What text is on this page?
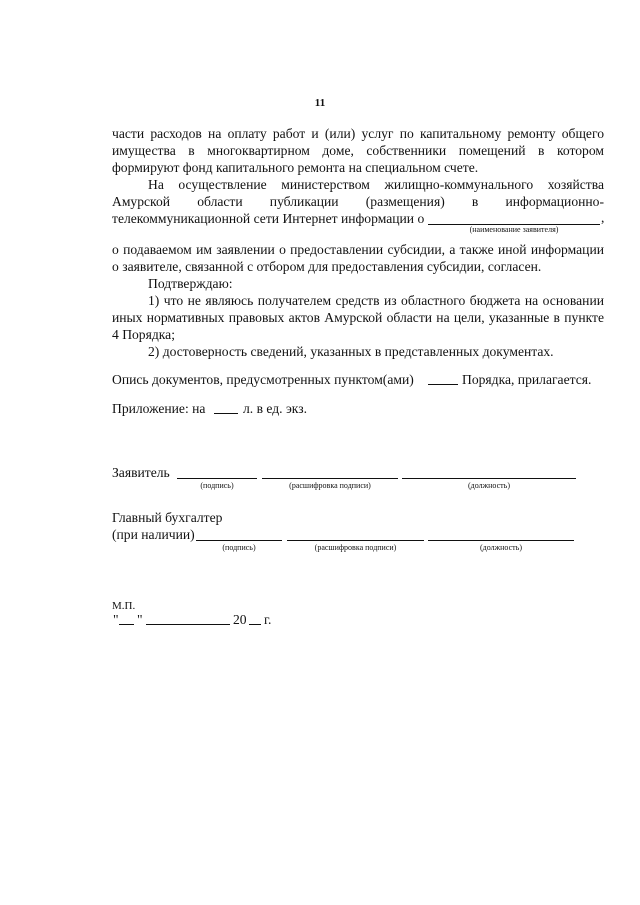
11

части расходов на оплату работ и (или) услуг по капитальному ремонту общего

имущества в многоквартирном доме, собственники помещений в котором

формируют фонд капитального ремонта на специальном счете.

На осуществление министерством жилищно-коммунального хозяйства

Амурской области публикации (размещения) в информационно-

телекоммуникационной сети Интернет информации о	,
(наименование заявителя)

о подаваемом им заявлении о предоставлении субсидии, а также иной информации

о заявителе, связанной с отбором для предоставления субсидии, согласен.

Подтверждаю:

1) что не являюсь получателем средств из областного бюджета на основании

иных нормативных правовых актов Амурской области на цели, указанные в пункте

4 Порядка;

2) достоверность сведений, указанных в представленных документах.

Опись документов, предусмотренных пунктом(ами)	Порядка, прилагается.
Приложение: на	л. в ед. экз.
Заявитель
(подпись)	(расшифровка подписи)	(должность)
Главный бухгалтер
(при наличии)
(подпись)	(расшифровка подписи)	(должность)
М.П.
" "	20 г.
